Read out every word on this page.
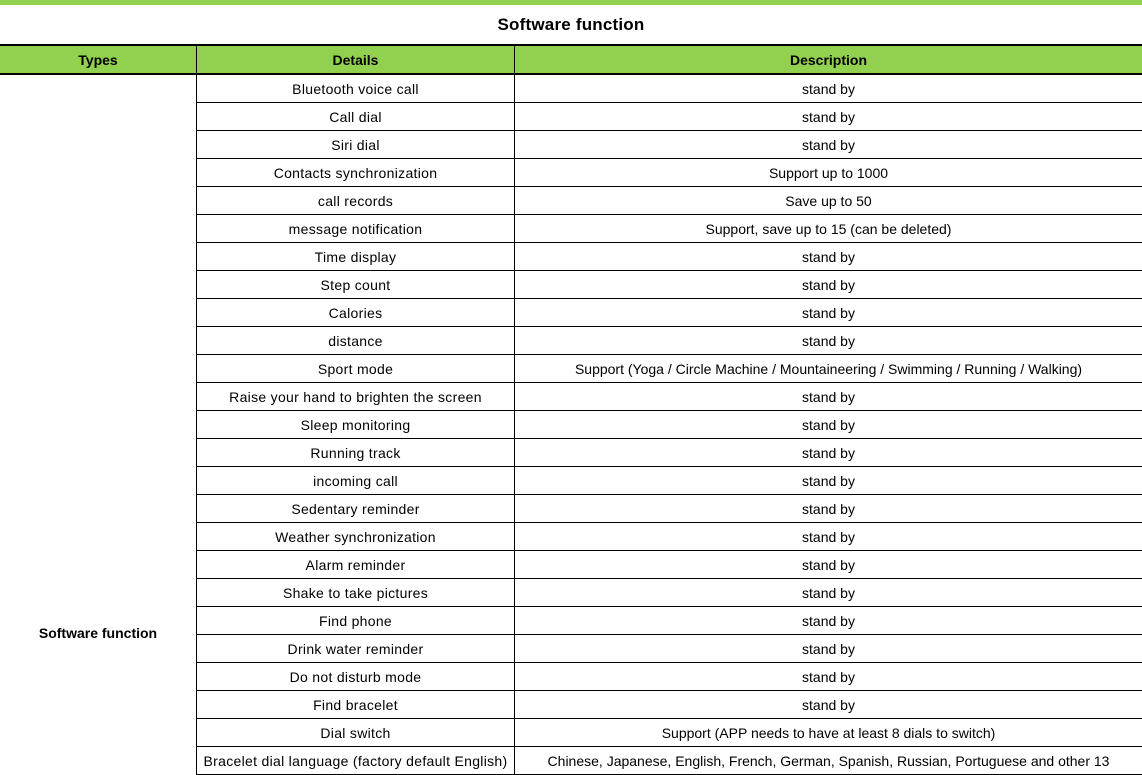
Software function
Types	Details	Description
Software function
Bluetooth voice call	stand by
Call dial	stand by
Siri dial	stand by
Contacts synchronization	Support up to 1000
call records	Save up to 50
message notification	Support, save up to 15 (can be deleted)
Time display	stand by
Step count	stand by
Calories	stand by
distance	stand by
Sport mode	Support (Yoga / Circle Machine / Mountaineering / Swimming / Running / Walking)
Raise your hand to brighten the screen	stand by
Sleep monitoring	stand by
Running track	stand by
incoming call	stand by
Sedentary reminder	stand by
Weather synchronization	stand by
Alarm reminder	stand by
Shake to take pictures	stand by
Find phone	stand by
Drink water reminder	stand by
Do not disturb mode	stand by
Find bracelet	stand by
Dial switch	Support (APP needs to have at least 8 dials to switch)
Bracelet dial language (factory default English)	Chinese, Japanese, English, French, German, Spanish, Russian, Portuguese and other 13
